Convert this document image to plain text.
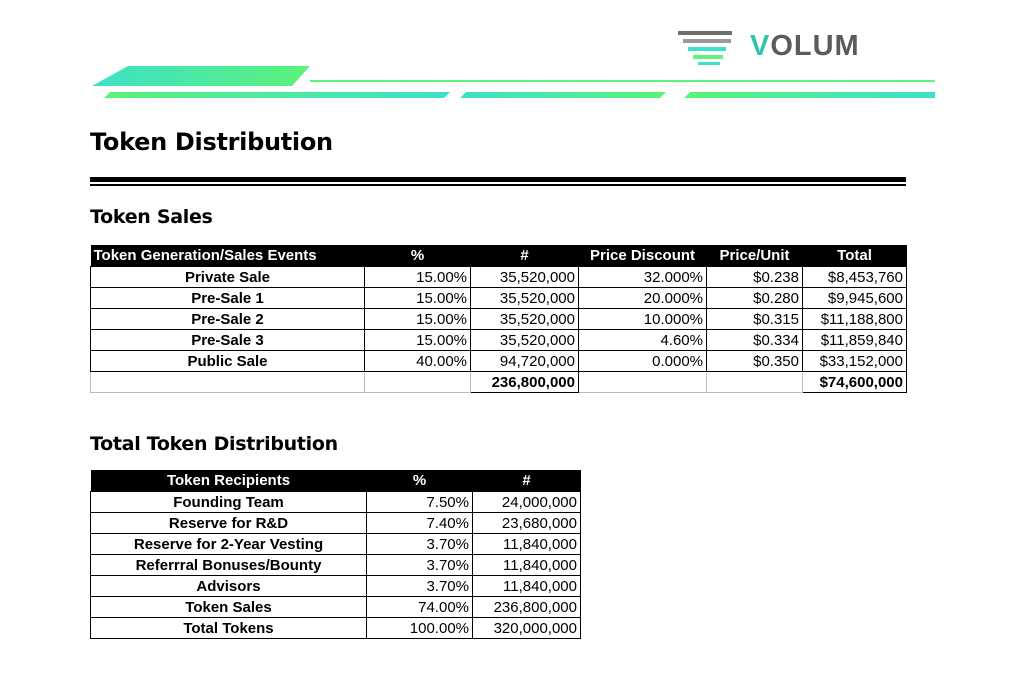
VOLUM
Token Distribution
Token Sales
Token Generation/Sales Events	%	#	Price Discount	Price/Unit	Total
Private Sale	15.00%	35,520,000	32.000%	$0.238	$8,453,760
Pre-Sale 1	15.00%	35,520,000	20.000%	$0.280	$9,945,600
Pre-Sale 2	15.00%	35,520,000	10.000%	$0.315	$11,188,800
Pre-Sale 3	15.00%	35,520,000	4.60%	$0.334	$11,859,840
Public Sale	40.00%	94,720,000	0.000%	$0.350	$33,152,000
		236,800,000			$74,600,000
Total Token Distribution
Token Recipients	%	#
Founding Team	7.50%	24,000,000
Reserve for R&D	7.40%	23,680,000
Reserve for 2-Year Vesting	3.70%	11,840,000
Referrral Bonuses/Bounty	3.70%	11,840,000
Advisors	3.70%	11,840,000
Token Sales	74.00%	236,800,000
Total Tokens	100.00%	320,000,000
